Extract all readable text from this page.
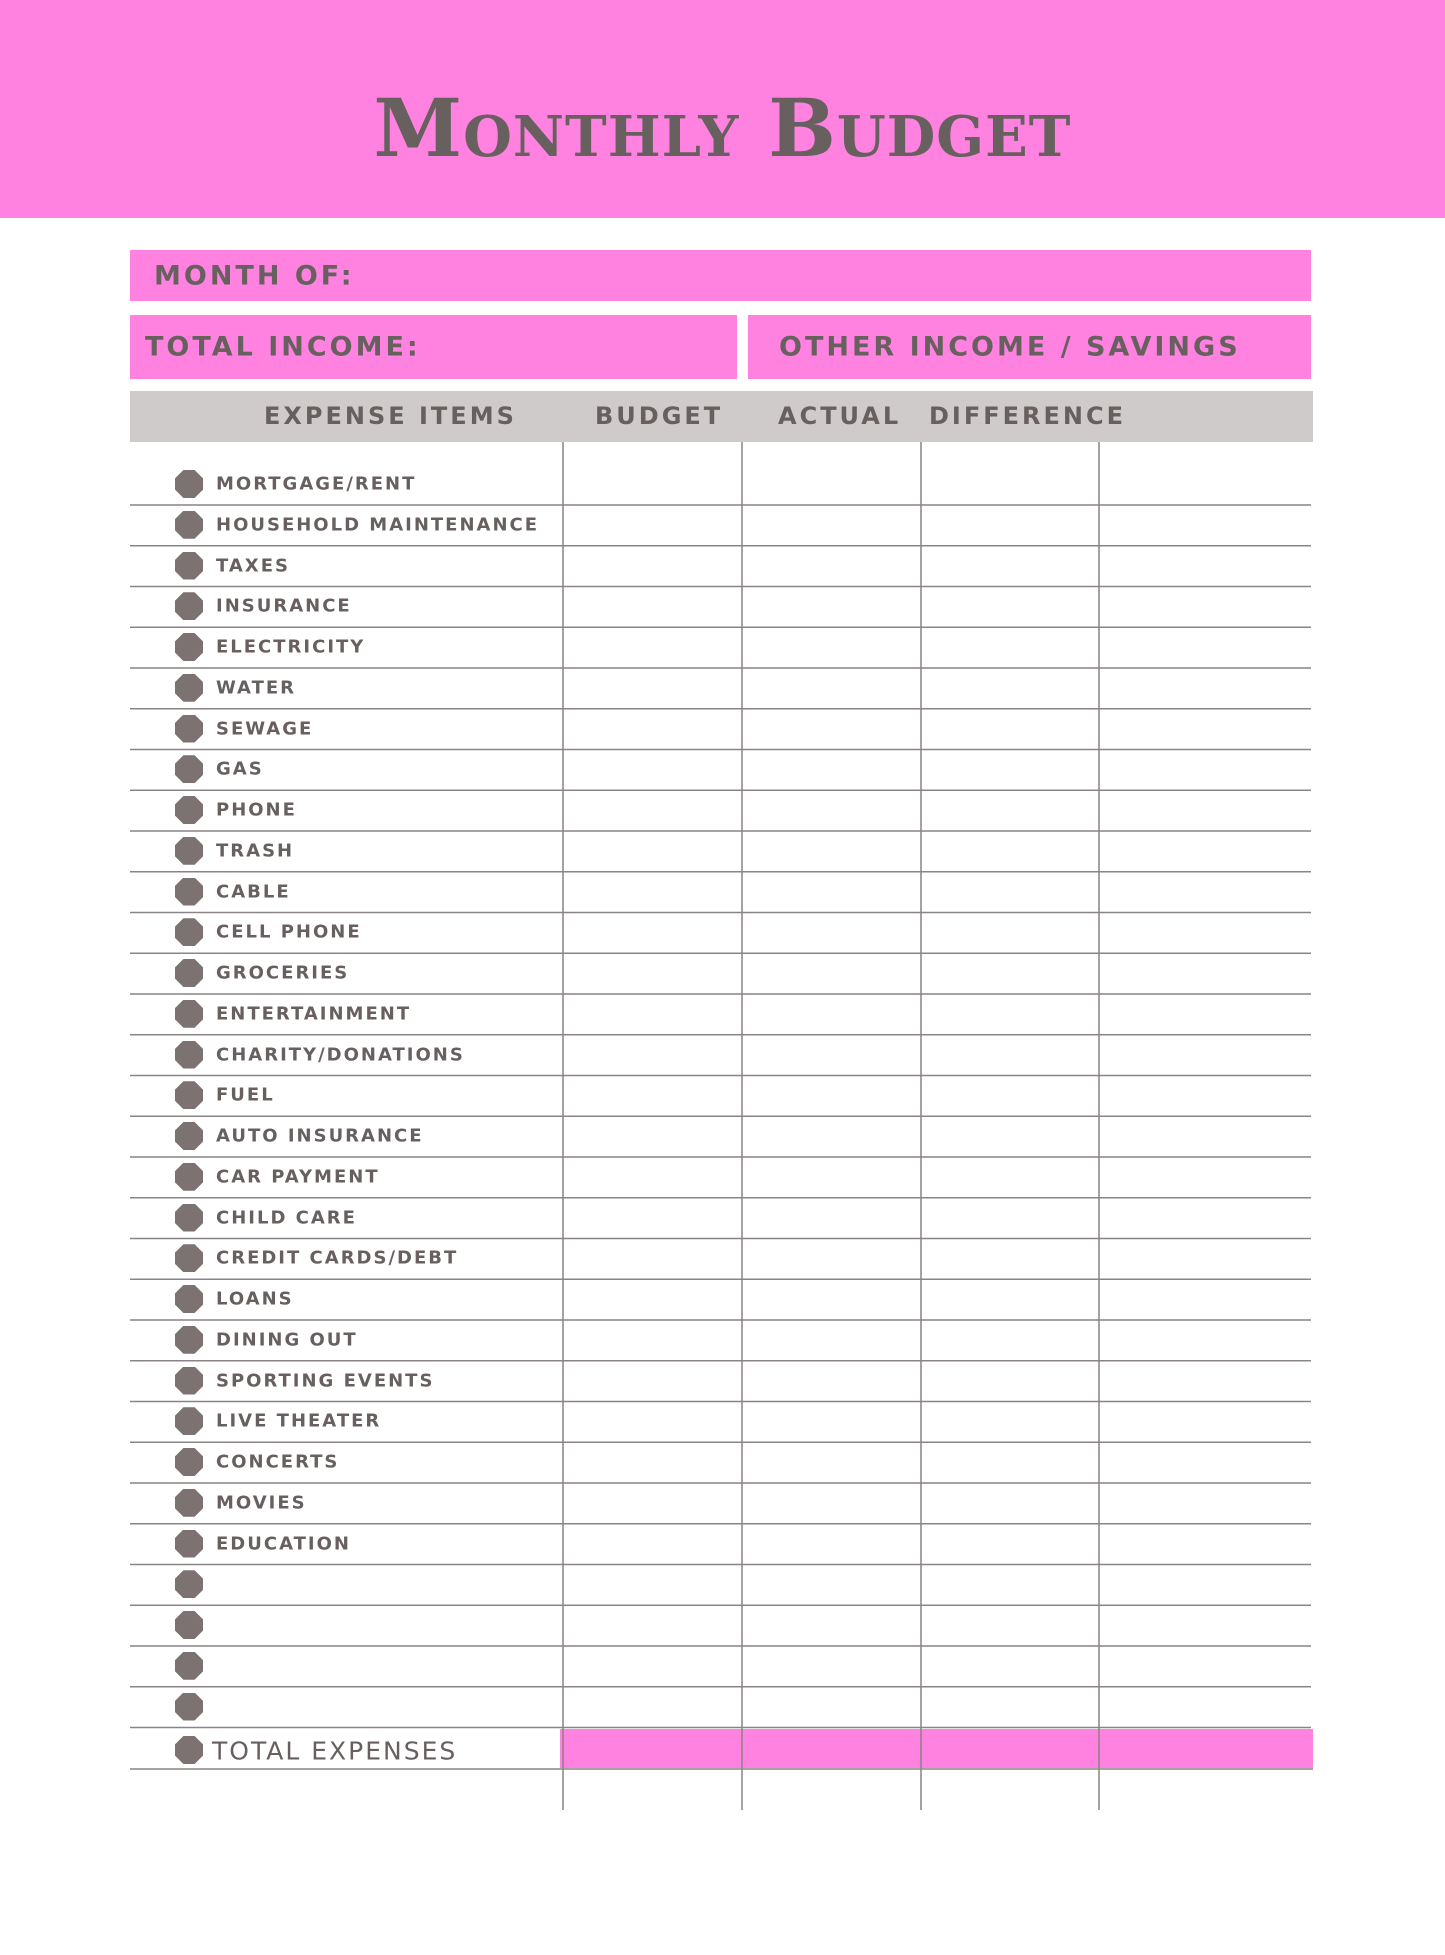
Monthly Budget
MONTH OF:
TOTAL INCOME:	OTHER INCOME / SAVINGS
EXPENSE ITEMS	BUDGET ACTUAL DIFFERENCE
MORTGAGE/RENT
HOUSEHOLD MAINTENANCE
TAXES
INSURANCE
ELECTRICITY
WATER
SEWAGE
GAS
PHONE
TRASH
CABLE
CELL PHONE
GROCERIES
ENTERTAINMENT
CHARITY/DONATIONS
FUEL
AUTO INSURANCE
CAR PAYMENT
CHILD CARE
CREDIT CARDS/DEBT
LOANS
DINING OUT
SPORTING EVENTS
LIVE THEATER
CONCERTS
MOVIES
EDUCATION
TOTAL EXPENSES
